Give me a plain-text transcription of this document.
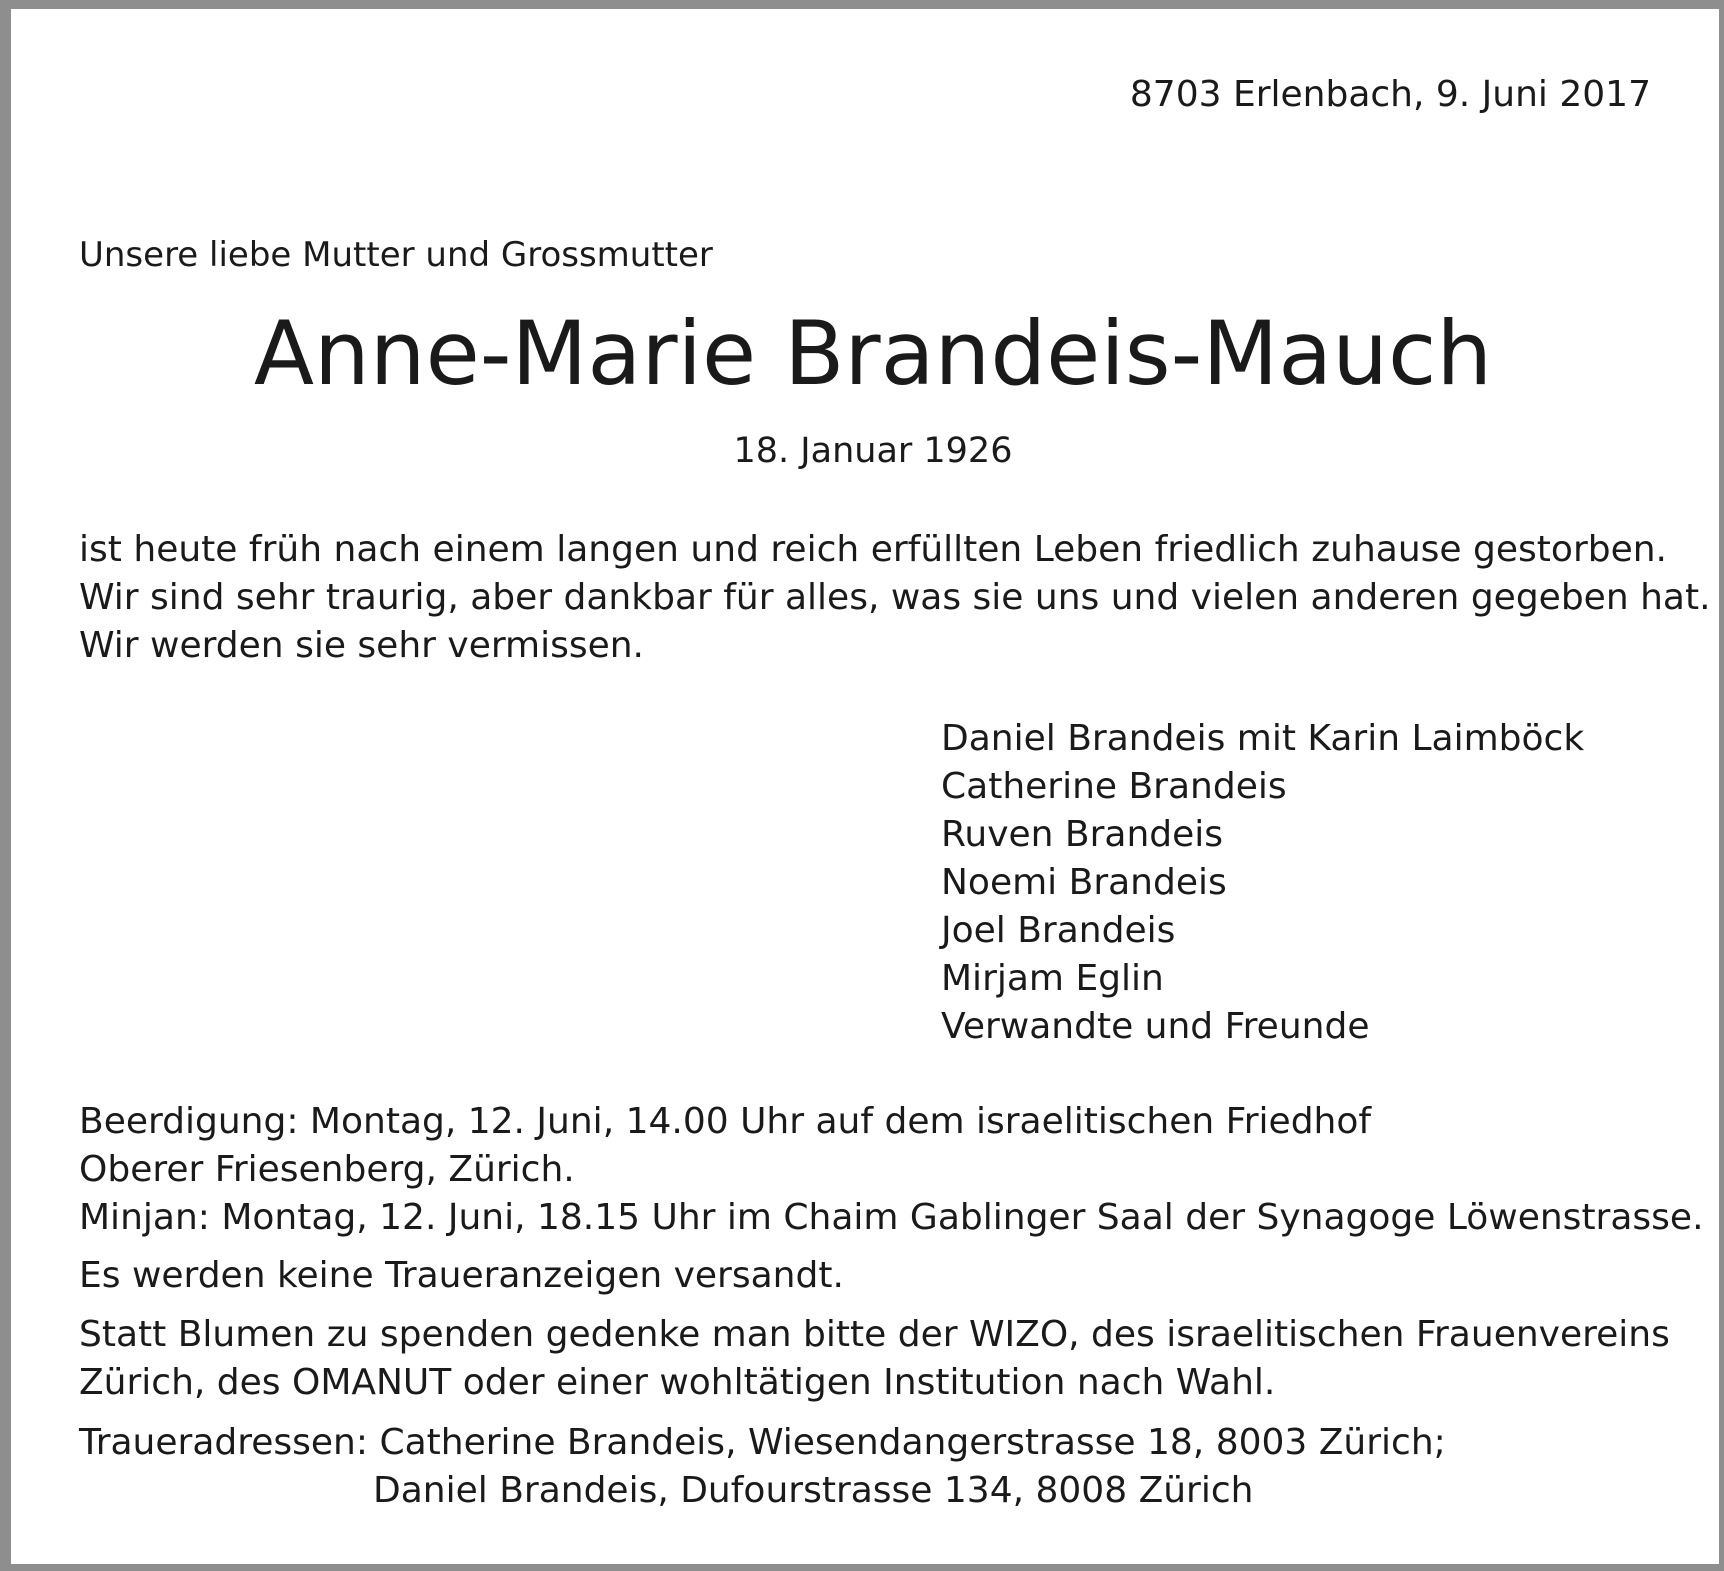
8703 Erlenbach, 9. Juni 2017
Unsere liebe Mutter und Grossmutter
Anne-Marie Brandeis-Mauch
18. Januar 1926
ist heute früh nach einem langen und reich erfüllten Leben friedlich zuhause gestorben.
Wir sind sehr traurig, aber dankbar für alles, was sie uns und vielen anderen gegeben hat.
Wir werden sie sehr vermissen.
Daniel Brandeis mit Karin Laimböck
Catherine Brandeis
Ruven Brandeis
Noemi Brandeis
Joel Brandeis
Mirjam Eglin
Verwandte und Freunde
Beerdigung: Montag, 12. Juni, 14.00 Uhr auf dem israelitischen Friedhof
Oberer Friesenberg, Zürich.
Minjan: Montag, 12. Juni, 18.15 Uhr im Chaim Gablinger Saal der Synagoge Löwenstrasse.
Es werden keine Traueranzeigen versandt.
Statt Blumen zu spenden gedenke man bitte der WIZO, des israelitischen Frauenvereins
Zürich, des OMANUT oder einer wohltätigen Institution nach Wahl.
Traueradressen: Catherine Brandeis, Wiesendangerstrasse 18, 8003 Zürich;
Daniel Brandeis, Dufourstrasse 134, 8008 Zürich
